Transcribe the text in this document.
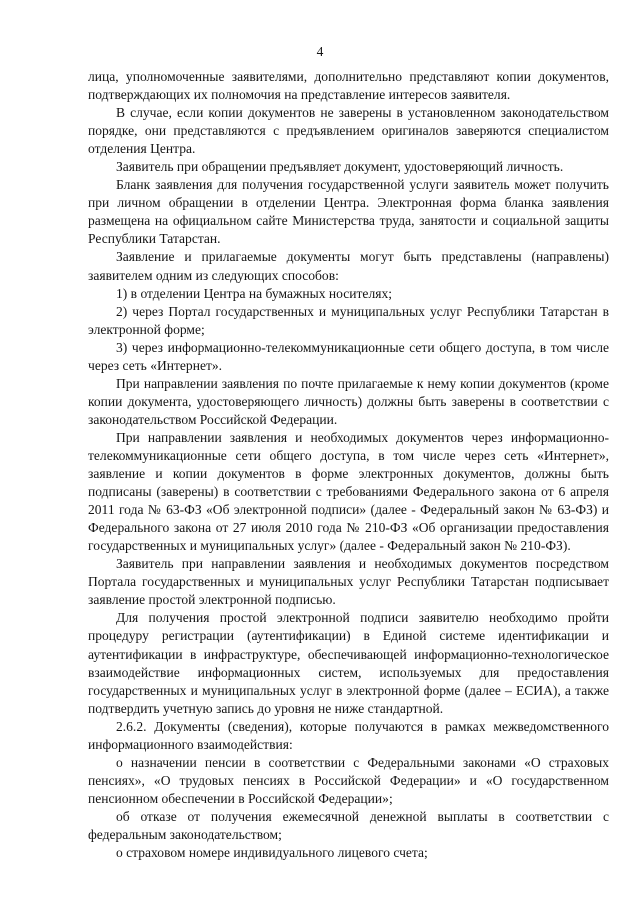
4

лица, уполномоченные заявителями, дополнительно представляют копии документов, подтверждающих их полномочия на представление интересов заявителя.

В случае, если копии документов не заверены в установленном законодательством порядке, они представляются с предъявлением оригиналов заверяются специалистом отделения Центра.

Заявитель при обращении предъявляет документ, удостоверяющий личность.

Бланк заявления для получения государственной услуги заявитель может получить при личном обращении в отделении Центра. Электронная форма бланка заявления размещена на официальном сайте Министерства труда, занятости и социальной защиты Республики Татарстан.

Заявление и прилагаемые документы могут быть представлены (направлены) заявителем одним из следующих способов:

1) в отделении Центра на бумажных носителях;

2) через Портал государственных и муниципальных услуг Республики Татарстан в электронной форме;

3) через информационно-телекоммуникационные сети общего доступа, в том числе через сеть «Интернет».

При направлении заявления по почте прилагаемые к нему копии документов (кроме копии документа, удостоверяющего личность) должны быть заверены в соответствии с законодательством Российской Федерации.

При направлении заявления и необходимых документов через информационно-телекоммуникационные сети общего доступа, в том числе через сеть «Интернет», заявление и копии документов в форме электронных документов, должны быть подписаны (заверены) в соответствии с требованиями Федерального закона от 6 апреля 2011 года № 63-ФЗ «Об электронной подписи» (далее - Федеральный закон № 63-ФЗ) и Федерального закона от 27 июля 2010 года № 210-ФЗ «Об организации предоставления государственных и муниципальных услуг» (далее - Федеральный закон № 210-ФЗ).

Заявитель при направлении заявления и необходимых документов посредством Портала государственных и муниципальных услуг Республики Татарстан подписывает заявление простой электронной подписью.

Для получения простой электронной подписи заявителю необходимо пройти процедуру регистрации (аутентификации) в Единой системе идентификации и аутентификации в инфраструктуре, обеспечивающей информационно-технологическое взаимодействие информационных систем, используемых для предоставления государственных и муниципальных услуг в электронной форме (далее – ЕСИА), а также подтвердить учетную запись до уровня не ниже стандартной.

2.6.2. Документы (сведения), которые получаются в рамках межведомственного информационного взаимодействия:

о назначении пенсии в соответствии с Федеральными законами «О страховых пенсиях», «О трудовых пенсиях в Российской Федерации» и «О государственном пенсионном обеспечении в Российской Федерации»;

об отказе от получения ежемесячной денежной выплаты в соответствии с федеральным законодательством;

о страховом номере индивидуального лицевого счета;
